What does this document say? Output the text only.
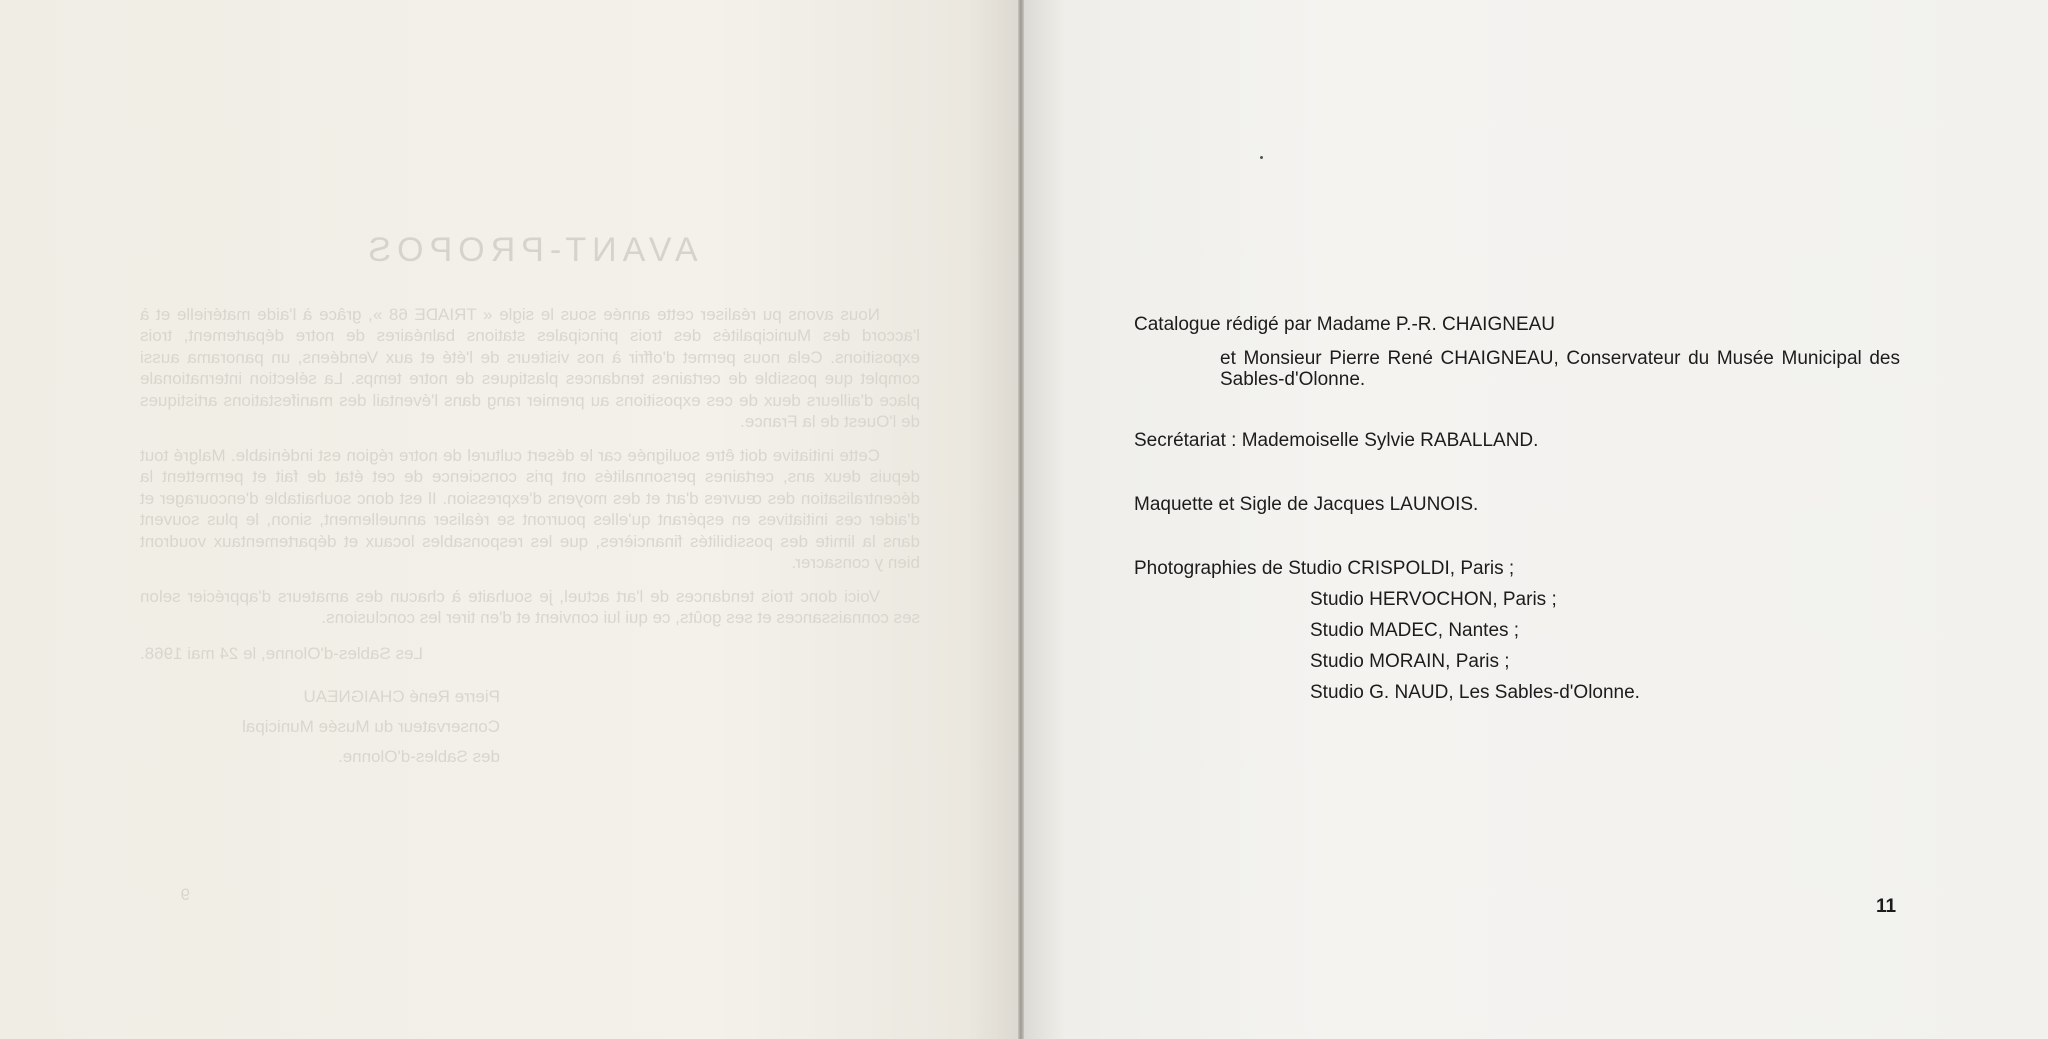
AVANT-PROPOS

Nous avons pu réaliser cette année sous le sigle « TRIADE 68 », grâce à l'aide matérielle et à l'accord des Municipalités des trois principales stations balnéaires de notre département, trois expositions. Cela nous permet d'offrir à nos visiteurs de l'été et aux Vendéens, un panorama aussi complet que possible de certaines tendances plastiques de notre temps. La sélection internationale place d'ailleurs deux de ces expositions au premier rang dans l'éventail des manifestations artistiques de l'Ouest de la France.

Cette initiative doit être soulignée car le désert culturel de notre région est indéniable. Malgré tout depuis deux ans, certaines personnalités ont pris conscience de cet état de fait et permettent la décentralisation des œuvres d'art et des moyens d'expression. Il est donc souhaitable d'encourager et d'aider ces initiatives en espérant qu'elles pourront se réaliser annuellement, sinon, le plus souvent dans la limite des possibilités financières, que les responsables locaux et départementaux voudront bien y consacrer.

Voici donc trois tendances de l'art actuel, je souhaite à chacun des amateurs d'apprécier selon ses connaissances et ses goûts, ce qui lui convient et d'en tirer les conclusions.

Les Sables-d'Olonne, le 24 mai 1968.
Pierre René CHAIGNEAU
Conservateur du Musée Municipal
des Sables-d'Olonne.
9
Catalogue rédigé par Madame P.-R. CHAIGNEAU
et Monsieur Pierre René CHAIGNEAU, Conservateur du Musée Municipal des Sables-d'Olonne.
Secrétariat : Mademoiselle Sylvie RABALLAND.
Maquette et Sigle de Jacques LAUNOIS.
Photographies de Studio CRISPOLDI, Paris ;
Studio HERVOCHON, Paris ;
Studio MADEC, Nantes ;
Studio MORAIN, Paris ;
Studio G. NAUD, Les Sables-d'Olonne.
11
